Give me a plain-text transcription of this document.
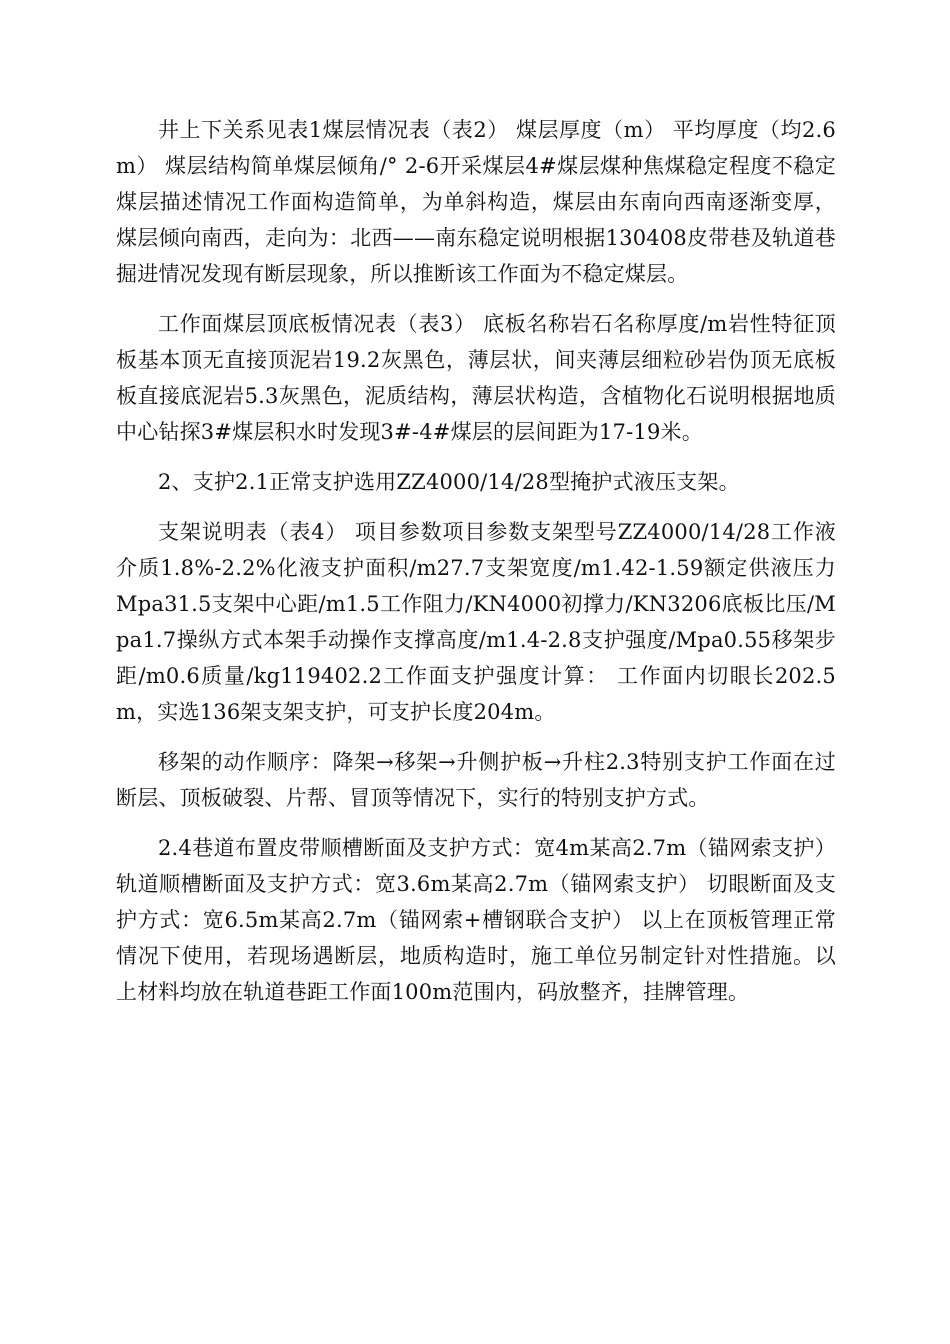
井上下关系见表1煤层情况表（表2） 煤层厚度（m） 平均厚度（均2.6m） 煤层结构简单煤层倾角/° 2-6开采煤层4#煤层煤种焦煤稳定程度不稳定煤层描述情况工作面构造简单，为单斜构造，煤层由东南向西南逐渐变厚，煤层倾向南西，走向为：北西——南东稳定说明根据130408皮带巷及轨道巷掘进情况发现有断层现象，所以推断该工作面为不稳定煤层。

工作面煤层顶底板情况表（表3） 底板名称岩石名称厚度/m岩性特征顶板基本顶无直接顶泥岩19.2灰黑色，薄层状，间夹薄层细粒砂岩伪顶无底板板直接底泥岩5.3灰黑色，泥质结构，薄层状构造，含植物化石说明根据地质中心钻探3#煤层积水时发现3#-4#煤层的层间距为17-19米。

2、支护2.1正常支护选用ZZ4000/14/28型掩护式液压支架。

支架说明表（表4） 项目参数项目参数支架型号ZZ4000/14/28工作液介质1.8%-2.2%化液支护面积/m27.7支架宽度/m1.42-1.59额定供液压力Mpa31.5支架中心距/m1.5工作阻力/KN4000初撑力/KN3206底板比压/Mpa1.7操纵方式本架手动操作支撑高度/m1.4-2.8支护强度/Mpa0.55移架步距/m0.6质量/kg119402.2工作面支护强度计算： 工作面内切眼长202.5m，实选136架支架支护，可支护长度204m。

移架的动作顺序：降架→移架→升侧护板→升柱2.3特别支护工作面在过断层、顶板破裂、片帮、冒顶等情况下，实行的特别支护方式。

2.4巷道布置皮带顺槽断面及支护方式：宽4m某高2.7m（锚网索支护） 轨道顺槽断面及支护方式：宽3.6m某高2.7m（锚网索支护） 切眼断面及支护方式：宽6.5m某高2.7m（锚网索+槽钢联合支护） 以上在顶板管理正常情况下使用，若现场遇断层，地质构造时，施工单位另制定针对性措施。以上材料均放在轨道巷距工作面100m范围内，码放整齐，挂牌管理。
